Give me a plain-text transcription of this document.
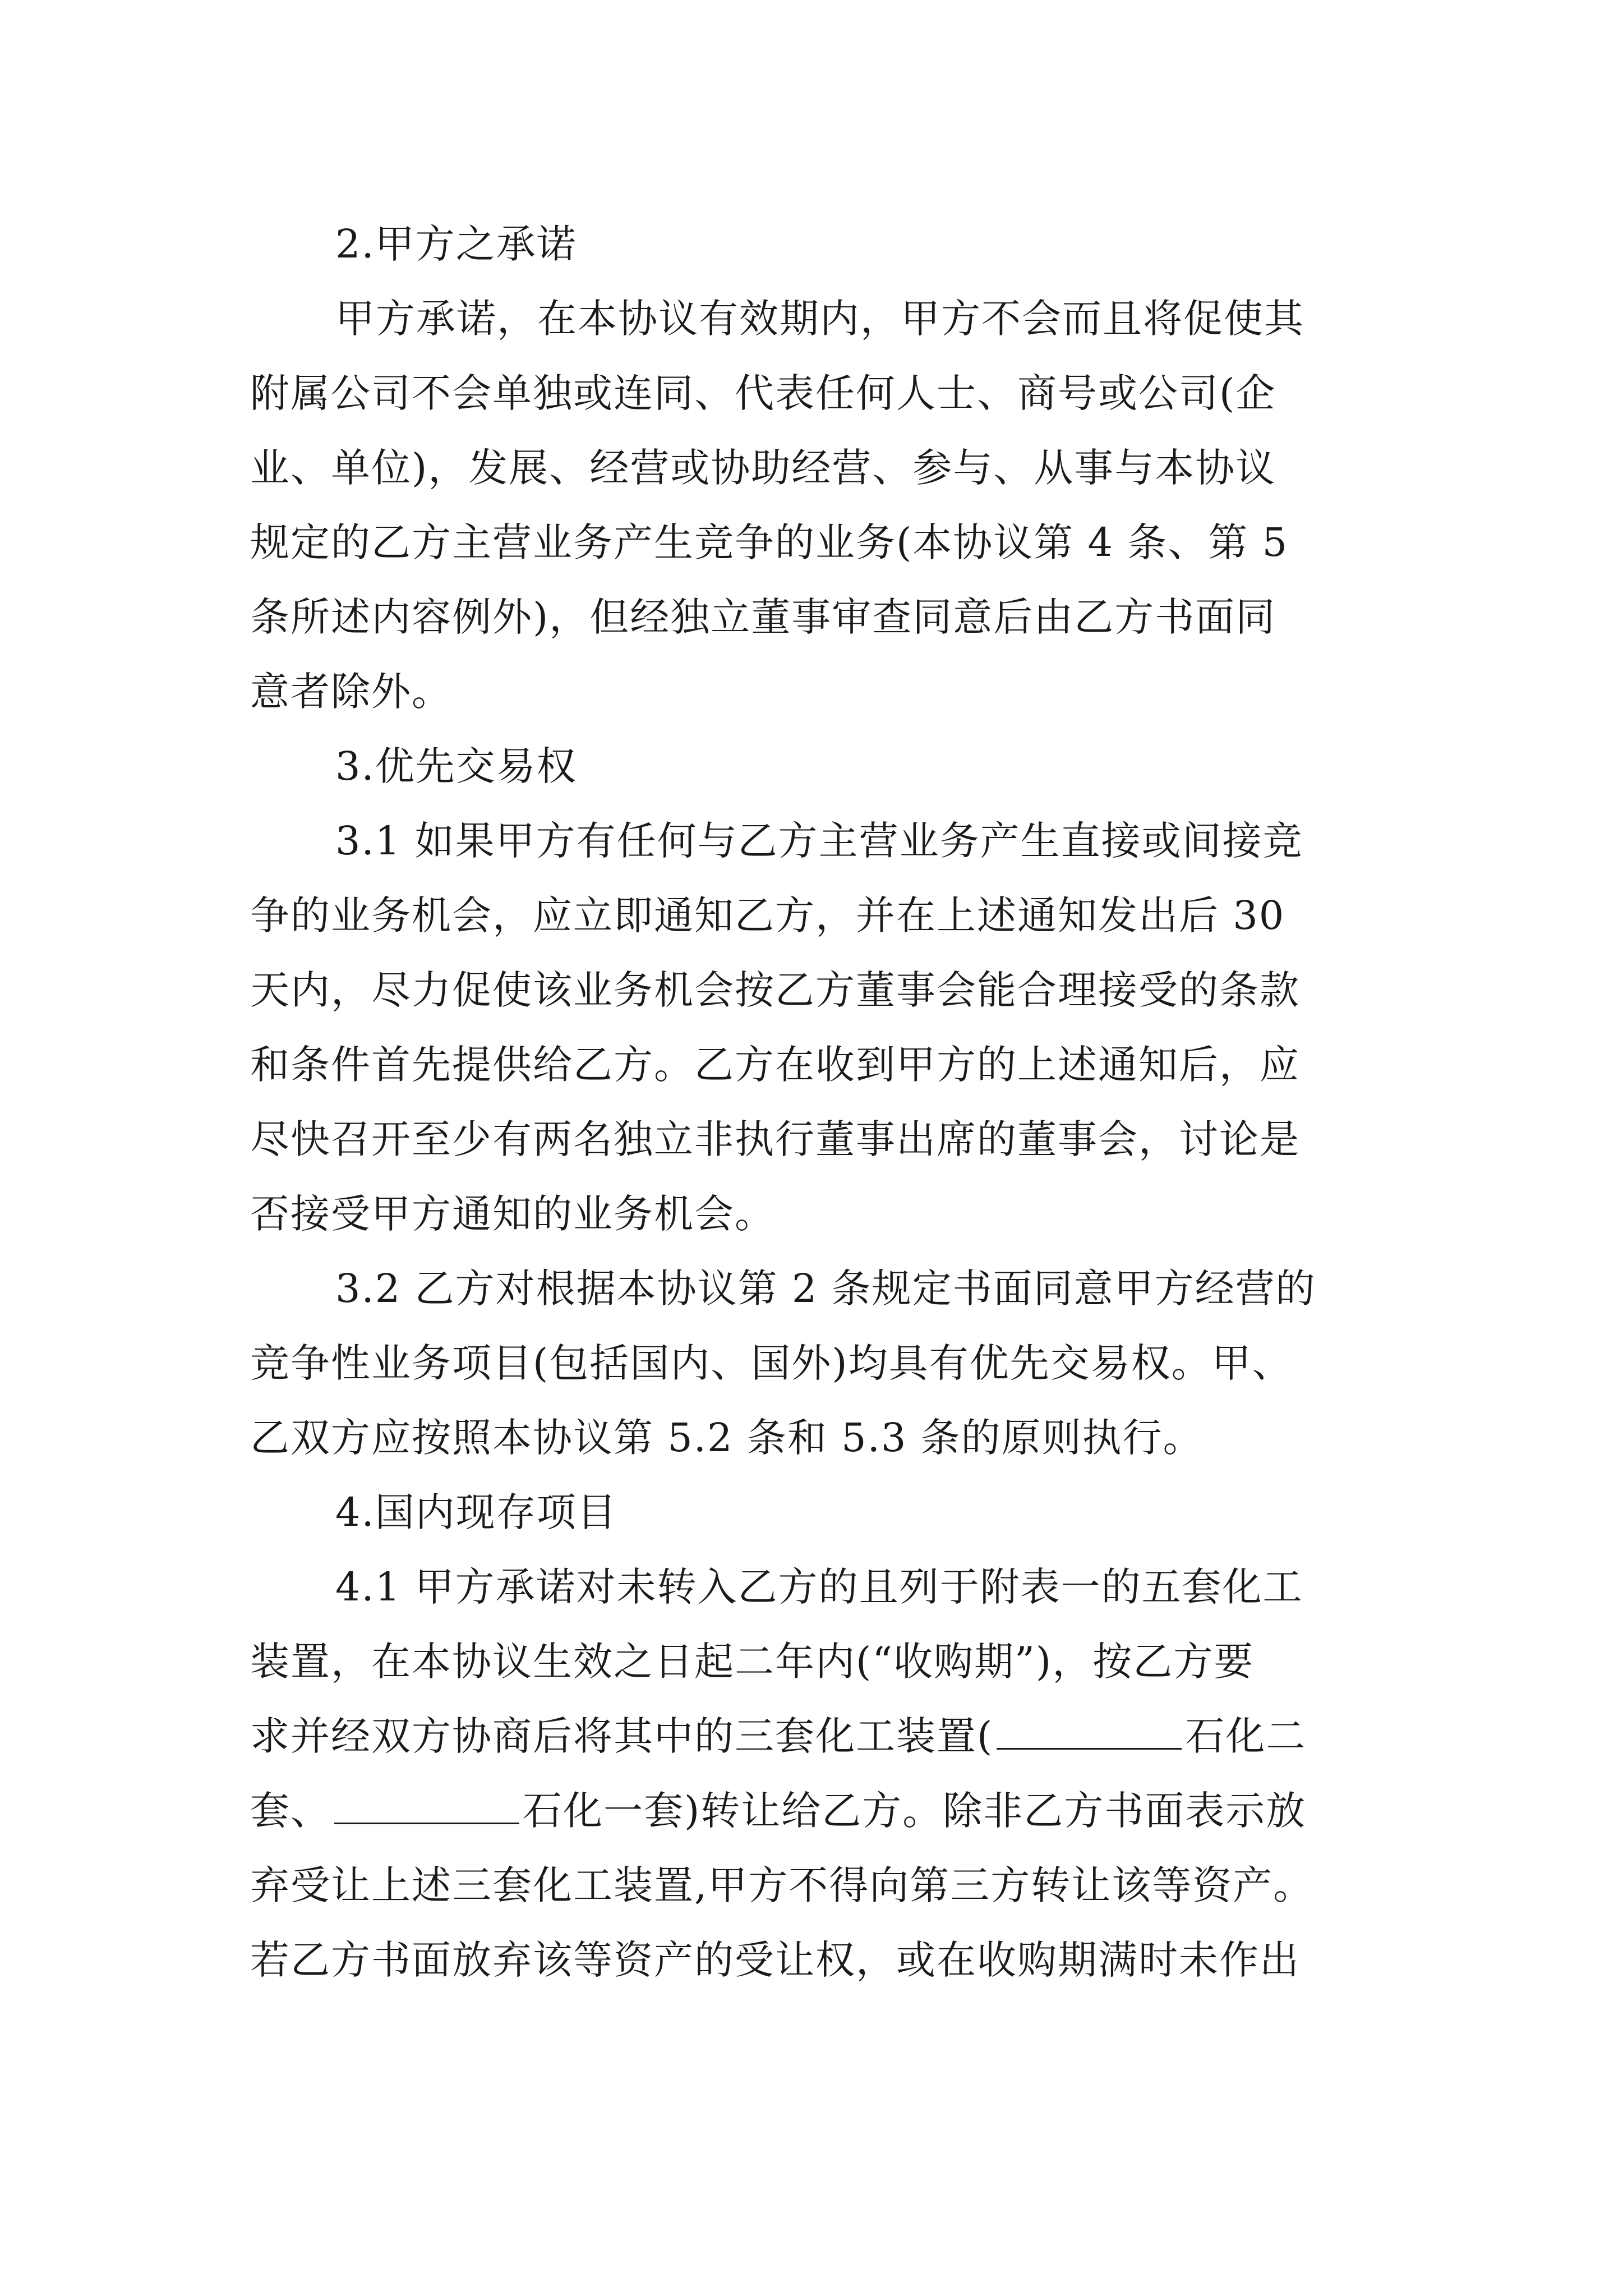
2.甲方之承诺
甲方承诺，在本协议有效期内，甲方不会而且将促使其
附属公司不会单独或连同、代表任何人士、商号或公司(企
业、单位)，发展、经营或协助经营、参与、从事与本协议
规定的乙方主营业务产生竞争的业务(本协议第 4 条、第 5
条所述内容例外)，但经独立董事审查同意后由乙方书面同
意者除外。
3.优先交易权
3.1 如果甲方有任何与乙方主营业务产生直接或间接竞
争的业务机会，应立即通知乙方，并在上述通知发出后 30
天内，尽力促使该业务机会按乙方董事会能合理接受的条款
和条件首先提供给乙方。乙方在收到甲方的上述通知后，应
尽快召开至少有两名独立非执行董事出席的董事会，讨论是
否接受甲方通知的业务机会。
3.2 乙方对根据本协议第 2 条规定书面同意甲方经营的
竞争性业务项目(包括国内、国外)均具有优先交易权。甲、
乙双方应按照本协议第 5.2 条和 5.3 条的原则执行。
4.国内现存项目
4.1 甲方承诺对未转入乙方的且列于附表一的五套化工
装置，在本协议生效之日起二年内(“收购期”)，按乙方要
求并经双方协商后将其中的三套化工装置(	石化二
套、	石化一套)转让给乙方。除非乙方书面表示放
弃受让上述三套化工装置,甲方不得向第三方转让该等资产。
若乙方书面放弃该等资产的受让权，或在收购期满时未作出
